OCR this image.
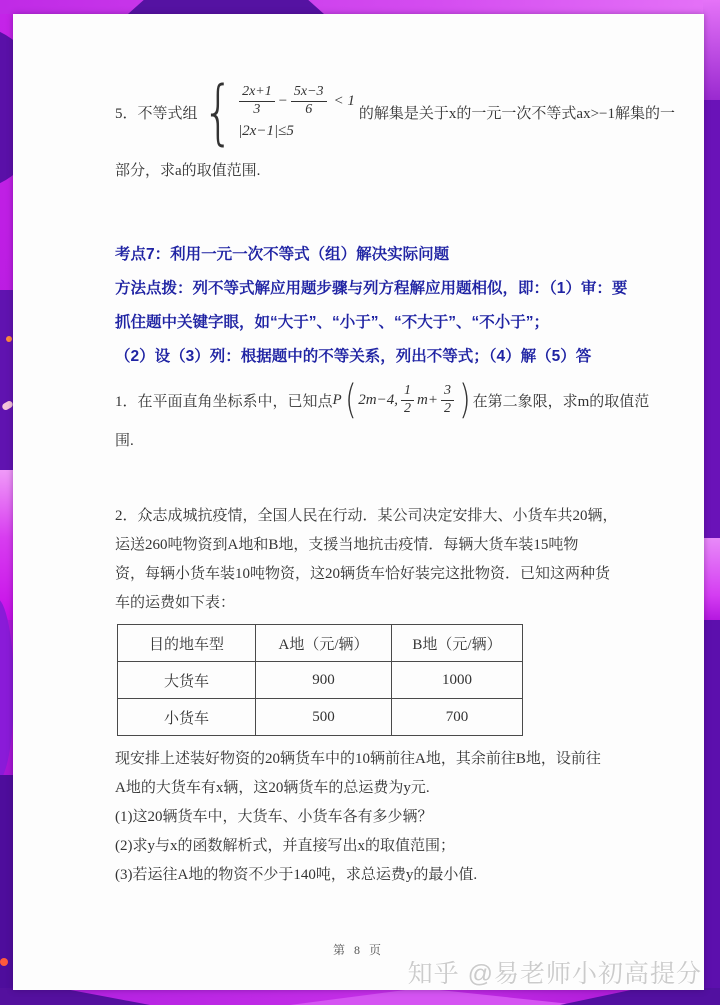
5．不等式组 { $\frac{2x+1}{3} - \frac{5x-3}{6} < 1$
|2x−1|≤5
的解集是关于x的一元一次不等式ax>−1解集的一
部分，求a的取值范围.
考点7：利用一元一次不等式（组）解决实际问题
方法点拨：列不等式解应用题步骤与列方程解应用题相似，即：（1）审：要
抓住题中关键字眼，如“大于”、“小于”、“不大于”、“不小于”；
（2）设（3）列：根据题中的不等关系，列出不等式；（4）解（5）答
1．在平面直角坐标系中，已知点 P ( 2m−4, $\frac{1}{2} m+ \frac{3}{2}$ ) 在第二象限，求m的取值范
围.
2．众志成城抗疫情，全国人民在行动．某公司决定安排大、小货车共20辆，
运送260吨物资到A地和B地，支援当地抗击疫情．每辆大货车装15吨物
资，每辆小货车装10吨物资，这20辆货车恰好装完这批物资．已知这两种货
车的运费如下表：
目的地车型	A地（元/辆）	B地（元/辆）
大货车	900	1000
小货车	500	700
现安排上述装好物资的20辆货车中的10辆前往A地，其余前往B地，设前往
A地的大货车有x辆，这20辆货车的总运费为y元.
(1)这20辆货车中，大货车、小货车各有多少辆？
(2)求y与x的函数解析式，并直接写出x的取值范围；
(3)若运往A地的物资不少于140吨，求总运费y的最小值.
第 8 页
知乎 @易老师小初高提分
